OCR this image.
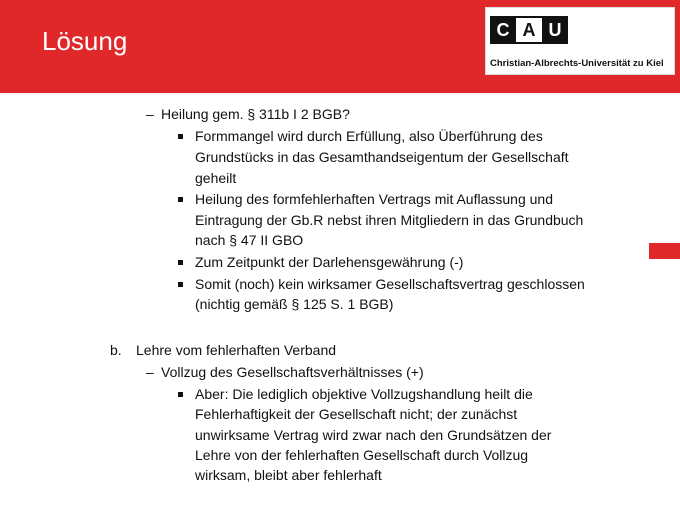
Lösung	C A U
Christian-Albrechts-Universität zu Kiel
– Heilung gem. § 311b I 2 BGB?
Formmangel wird durch Erfüllung, also Überführung des
Grundstücks in das Gesamthandseigentum der Gesellschaft
geheilt
Heilung des formfehlerhaften Vertrags mit Auflassung und
Eintragung der Gb.R nebst ihren Mitgliedern in das Grundbuch
nach § 47 II GBO
Zum Zeitpunkt der Darlehensgewährung (-)
Somit (noch) kein wirksamer Gesellschaftsvertrag geschlossen
(nichtig gemäß § 125 S. 1 BGB)
b. Lehre vom fehlerhaften Verband
– Vollzug des Gesellschaftsverhältnisses (+)
Aber: Die lediglich objektive Vollzugshandlung heilt die
Fehlerhaftigkeit der Gesellschaft nicht; der zunächst
unwirksame Vertrag wird zwar nach den Grundsätzen der
Lehre von der fehlerhaften Gesellschaft durch Vollzug
wirksam, bleibt aber fehlerhaft
